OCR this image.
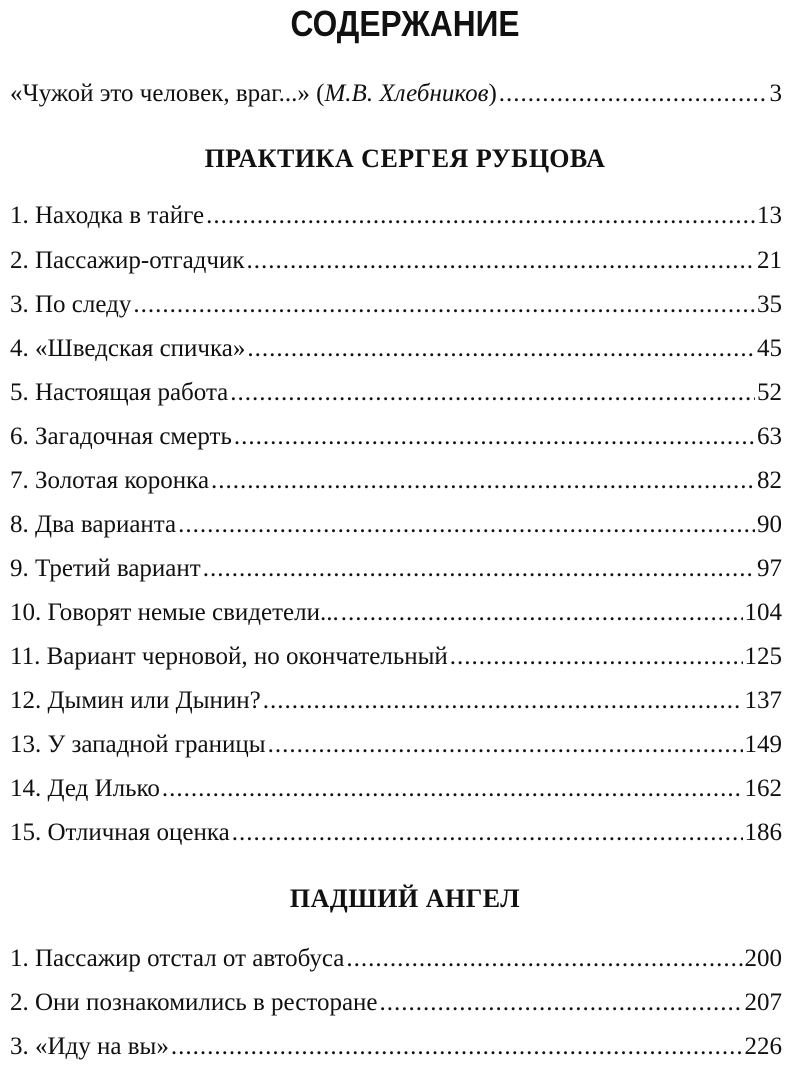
СОДЕРЖАНИЕ
«Чужой это человек, враг...» (М.В. Хлебников) .....	3
ПРАКТИКА СЕРГЕЯ РУБЦОВА
1. Находка в тайге .....	13
2. Пассажир-отгадчик .....	21
3. По следу .....	35
4. «Шведская спичка» .....	45
5. Настоящая работа .....	52
6. Загадочная смерть .....	63
7. Золотая коронка .....	82
8. Два варианта .....	90
9. Третий вариант .....	97
10. Говорят немые свидетели... .....	104
11. Вариант черновой, но окончательный .....	125
12. Дымин или Дынин? .....	137
13. У западной границы .....	149
14. Дед Илько .....	162
15. Отличная оценка .....	186
ПАДШИЙ АНГЕЛ
1. Пассажир отстал от автобуса .....	200
2. Они познакомились в ресторане .....	207
3. «Иду на вы» .....	226
